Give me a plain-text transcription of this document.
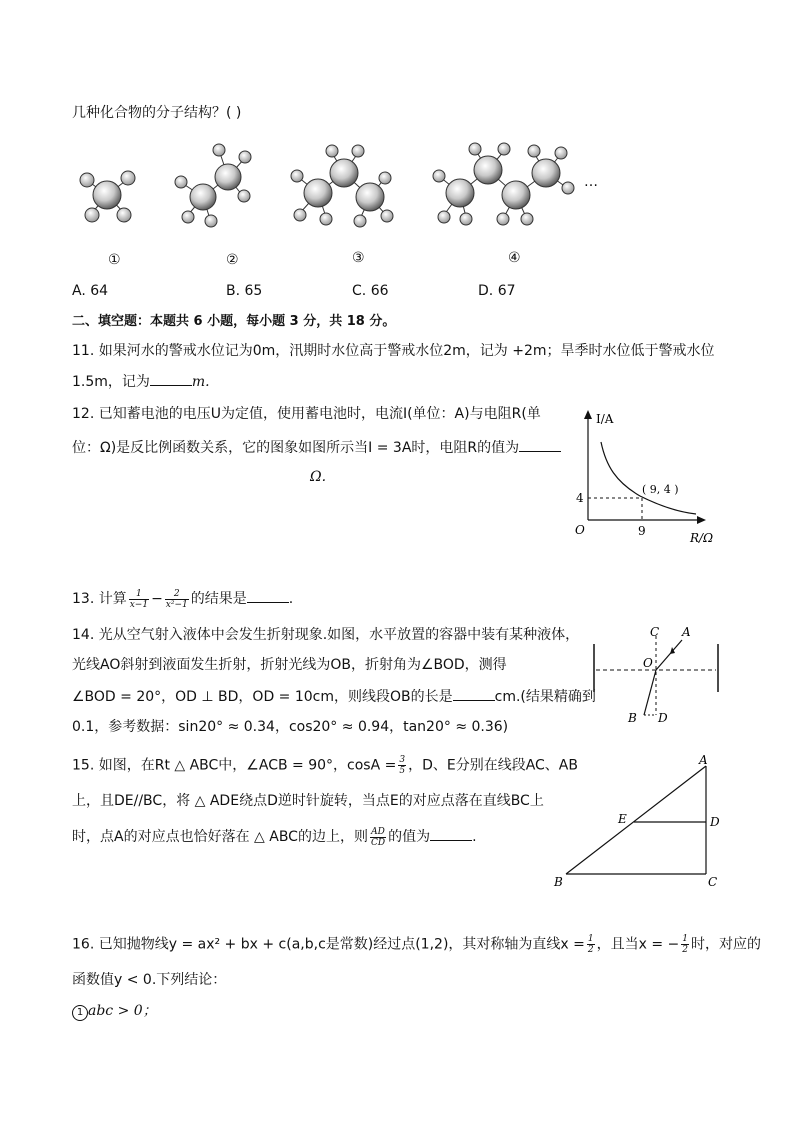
几种化合物的分子结构？( )
…
①	②	③	④
A. 64	B. 65	C. 66	D. 67
二、填空题：本题共 6 小题，每小题 3 分，共 18 分。
11. 如果河水的警戒水位记为0m，汛期时水位高于警戒水位2m，记为 +2m；旱季时水位低于警戒水位
1.5m，记为	m.
12. 已知蓄电池的电压U为定值，使用蓄电池时，电流I(单位：A)与电阻R(单
位：Ω)是反比例函数关系，它的图象如图所示当I = 3A时，电阻R的值为
Ω.
I/A
R/Ω
O	9
4
( 9, 4 )
13. 计算 $\frac{1}{x-1} - \frac{2}{\text{x²−1}}$ 的结果是	.
14. 光从空气射入液体中会发生折射现象.如图，水平放置的容器中装有某种液体，
光线AO斜射到液面发生折射，折射光线为OB，折射角为∠BOD，测得
∠BOD = 20°，OD ⊥ BD，OD = 10cm，则线段OB的长是	cm.(结果精确到
0.1，参考数据：sin20° ≈ 0.34，cos20° ≈ 0.94，tan20° ≈ 0.36)
C A
O
B D
15. 如图，在Rt △ ABC中，∠ACB = 90°，$\cos A = \frac{3}{5}$ ，D、E分别在线段AC、AB
上，且DE//BC，将 △ ADE绕点D逆时针旋转，当点E的对应点落在直线BC上
时，点A的对应点也恰好落在 △ ABC的边上，则 $\frac{AD}{CD}$ 的值为	.
A
B	C
D
E
16. 已知抛物线y = ax² + bx + c(a,b,c是常数)经过点(1,2)，其对称轴为直线$x = \frac{1}{2}$ ，且当x = − $\frac{1}{2}$ 时，对应的
函数值y < 0.下列结论：
1 abc > 0；
